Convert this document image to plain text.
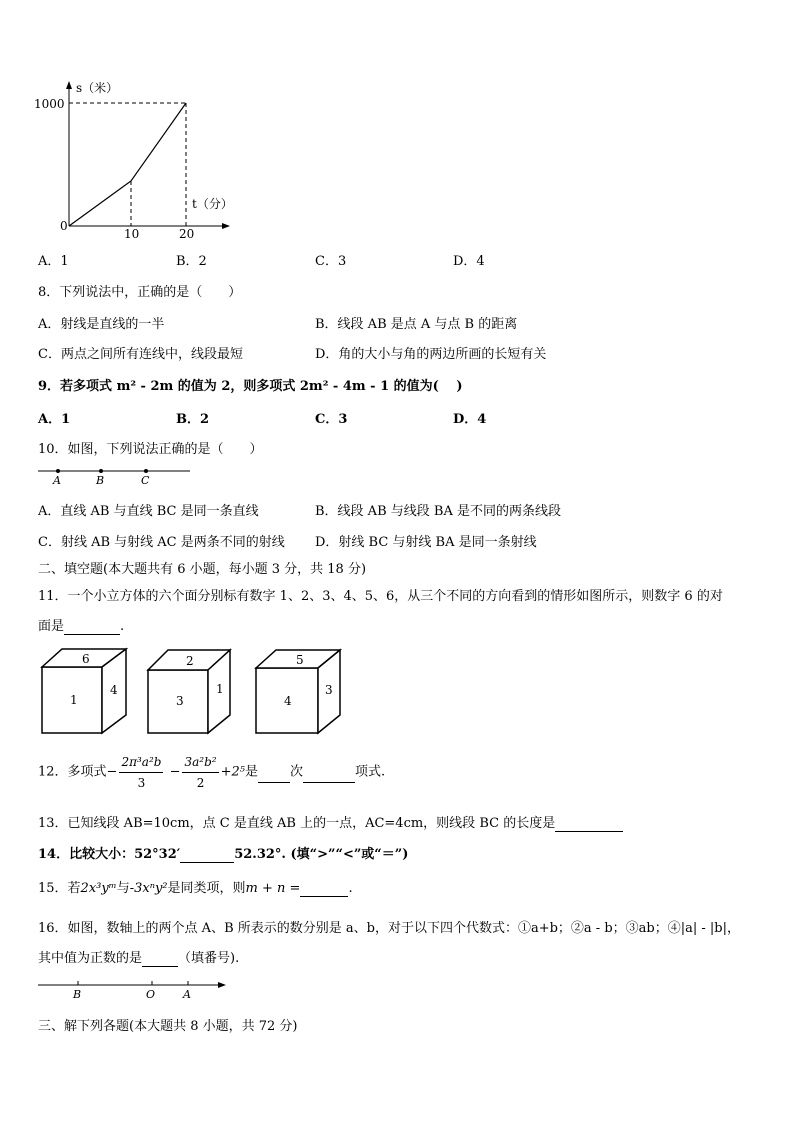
s（米）
1000
t（分）
0
10	20
A．1	B．2	C．3	D．4
8．下列说法中，正确的是（　　）
A．射线是直线的一半	B．线段 AB 是点 A 与点 B 的距离
C．两点之间所有连线中，线段最短	D．角的大小与角的两边所画的长短有关
9．若多项式 m² - 2m 的值为 2，则多项式 2m² - 4m - 1 的值为(　 )
A．1	B．2	C．3	D．4
10．如图，下列说法正确的是（　　）
A	B	C
A．直线 AB 与直线 BC 是同一条直线	B．线段 AB 与线段 BA 是不同的两条线段
C．射线 AB 与射线 AC 是两条不同的射线 D．射线 BC 与射线 BA 是同一条射线
二、填空题(本大题共有 6 小题，每小题 3 分，共 18 分)
11．一个小立方体的六个面分别标有数字 1、2、3、4、5、6，从三个不同的方向看到的情形如图所示，则数字 6 的对
面是	.
6
1
4
2
3
1
5
4
3
12．多项式− $\frac{\text{2π³a²b}}{3} - \frac{\text{3a²b²}}{2} +2^5$是 次	项式.
13．已知线段 AB=10cm，点 C 是直线 AB 上的一点，AC=4cm，则线段 BC 的长度是
14．比较大小：52°32′	52.32°. (填“>”“<”或“＝”)
15．若2x³yᵐ与-3xⁿy²是同类项，则m + n =	.
16．如图，数轴上的两个点 A、B 所表示的数分别是 a、b，对于以下四个代数式：①a+b；②a - b；③ab；④|a| - |b|，
其中值为正数的是	（填番号).
B	O	A
三、解下列各题(本大题共 8 小题，共 72 分)
